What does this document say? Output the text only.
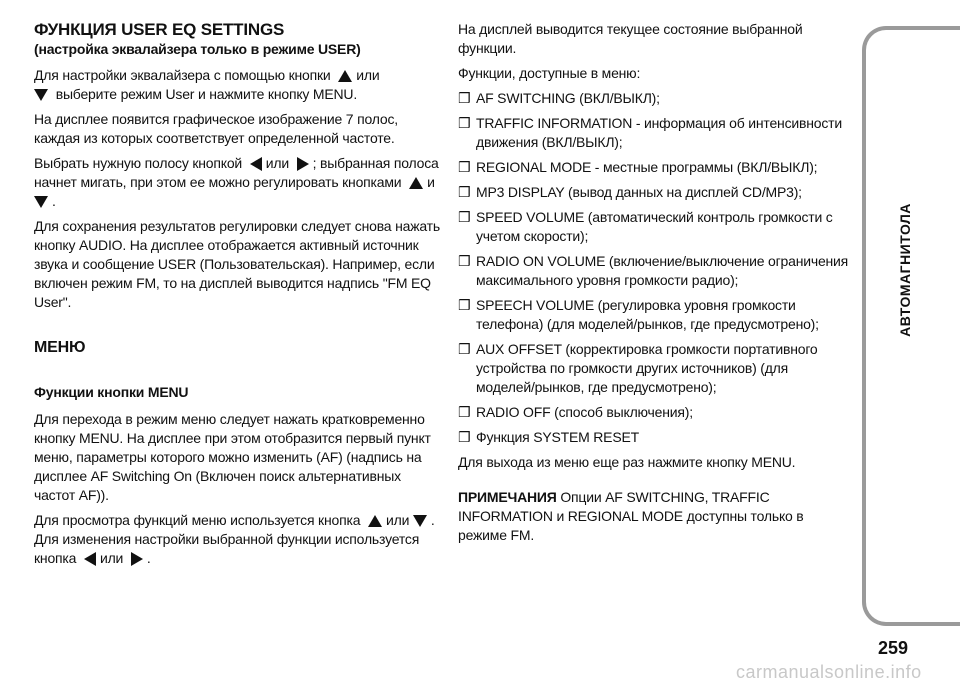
ФУНКЦИЯ USER EQ SETTINGS

(настройка эквалайзера только в режиме USER)

Для настройки эквалайзера с помощью кнопки или
выберите режим User и нажмите кнопку MENU.

На дисплее появится графическое изображение 7 полос, каждая из которых соответствует определенной частоте.

Выбрать нужную полосу кнопкой или ; выбранная полоса начнет мигать, при этом ее можно регулировать кнопками и
.

Для сохранения результатов регулировки следует снова нажать кнопку AUDIO. На дисплее отображается активный источник звука и сообщение USER (Пользовательская). Например, если включен режим FM, то на дисплей выводится надпись "FM EQ User".

МЕНЮ

Функции кнопки MENU

Для перехода в режим меню следует нажать кратковременно кнопку MENU. На дисплее при этом отобразится первый пункт меню, параметры которого можно изменить (AF) (надпись на дисплее AF Switching On (Включен поиск альтернативных частот AF)).

Для просмотра функций меню используется кнопка или .
Для изменения настройки выбранной функции используется кнопка или .

На дисплей выводится текущее состояние выбранной функции.

Функции, доступные в меню:

❒ AF SWITCHING (ВКЛ/ВЫКЛ);
❒ TRAFFIC INFORMATION - информация об интенсивности движения (ВКЛ/ВЫКЛ);
❒ REGIONAL MODE - местные программы (ВКЛ/ВЫКЛ);
❒ MP3 DISPLAY (вывод данных на дисплей CD/MP3);
❒ SPEED VOLUME (автоматический контроль громкости с учетом скорости);
❒ RADIO ON VOLUME (включение/выключение ограничения максимального уровня громкости радио);
❒ SPEECH VOLUME (регулировка уровня громкости телефона) (для моделей/рынков, где предусмотрено);
❒ AUX OFFSET (корректировка громкости портативного устройства по громкости других источников) (для моделей/рынков, где предусмотрено);
❒ RADIO OFF (способ выключения);
❒ Функция SYSTEM RESET

Для выхода из меню еще раз нажмите кнопку MENU.

ПРИМЕЧАНИЯ Опции AF SWITCHING, TRAFFIC INFORMATION и REGIONAL MODE доступны только в режиме FM.

АВТОМАГНИТОЛА
259
carmanualsonline.info
